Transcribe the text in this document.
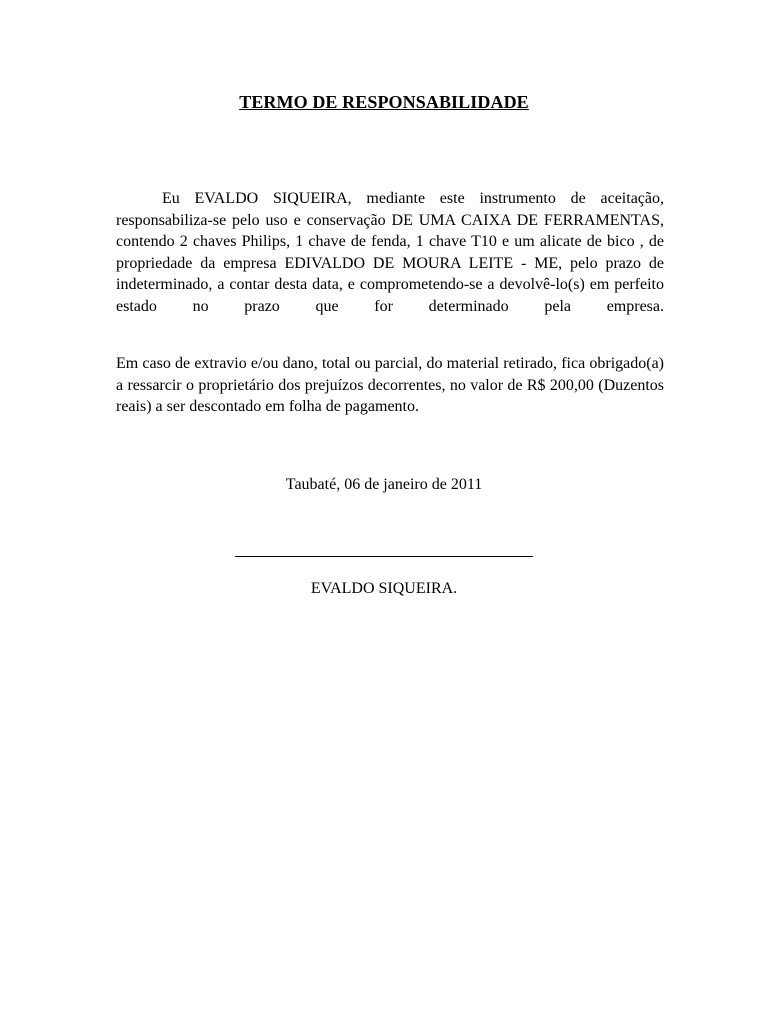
TERMO DE RESPONSABILIDADE
Eu EVALDO SIQUEIRA, mediante este instrumento de aceitação, responsabiliza-se pelo uso e conservação DE UMA CAIXA DE FERRAMENTAS, contendo 2 chaves Philips, 1 chave de fenda, 1 chave T10 e um alicate de bico , de propriedade da empresa EDIVALDO DE MOURA LEITE - ME, pelo prazo de indeterminado, a contar desta data, e comprometendo-se a devolvê-lo(s) em perfeito estado no prazo que for determinado pela empresa.
Em caso de extravio e/ou dano, total ou parcial, do material retirado, fica obrigado(a) a ressarcir o proprietário dos prejuízos decorrentes, no valor de R$ 200,00 (Duzentos reais) a ser descontado em folha de pagamento.
Taubaté, 06 de janeiro de 2011
EVALDO SIQUEIRA.
